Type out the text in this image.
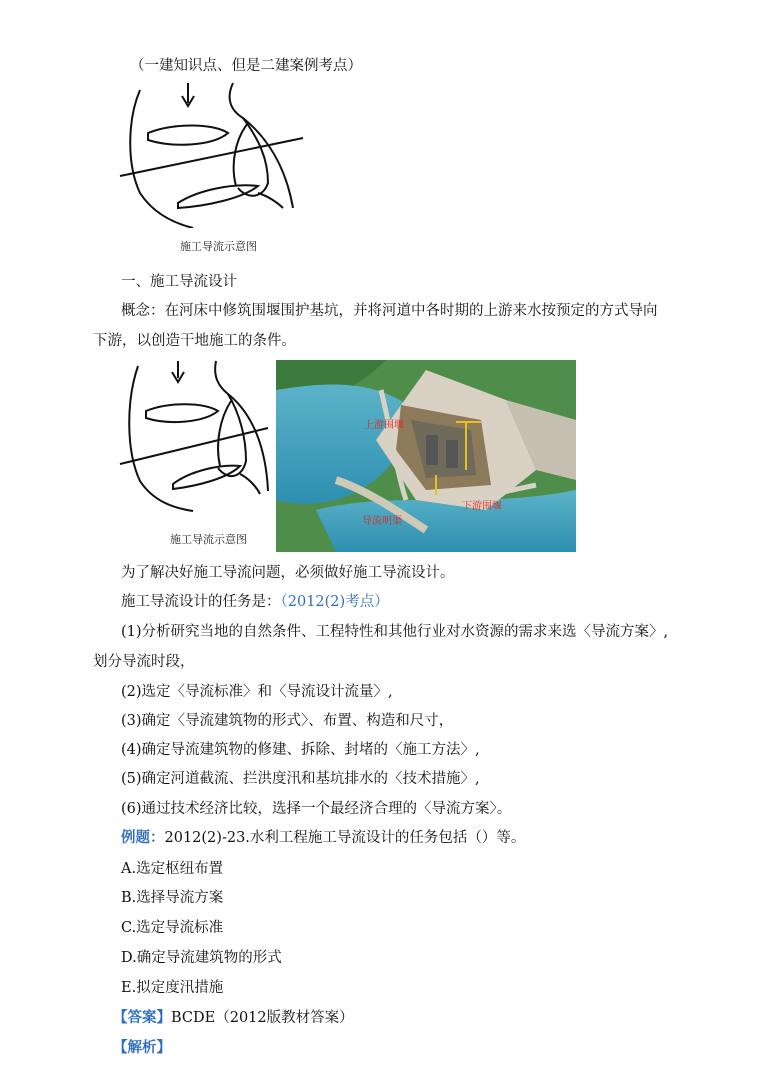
（一建知识点、但是二建案例考点）
施工导流示意图
一、施工导流设计
概念：在河床中修筑围堰围护基坑，并将河道中各时期的上游来水按预定的方式导向
下游，以创造干地施工的条件。
施工导流示意图
上游围堰
下游围堰
导流明渠
为了解决好施工导流问题，必须做好施工导流设计。
施工导流设计的任务是：（2012(2)考点）
(1)分析研究当地的自然条件、工程特性和其他行业对水资源的需求来选〈导流方案〉,
划分导流时段，
(2)选定〈导流标准〉和〈导流设计流量〉,
(3)确定〈导流建筑物的形式〉、布置、构造和尺寸，
(4)确定导流建筑物的修建、拆除、封堵的〈施工方法〉,
(5)确定河道截流、拦洪度汛和基坑排水的〈技术措施〉,
(6)通过技术经济比较，选择一个最经济合理的〈导流方案〉。
例题：2012(2)-23.水利工程施工导流设计的任务包括（）等。
A.选定枢纽布置
B.选择导流方案
C.选定导流标准
D.确定导流建筑物的形式
E.拟定度汛措施
【答案】BCDE（2012版教材答案）
【解析】
